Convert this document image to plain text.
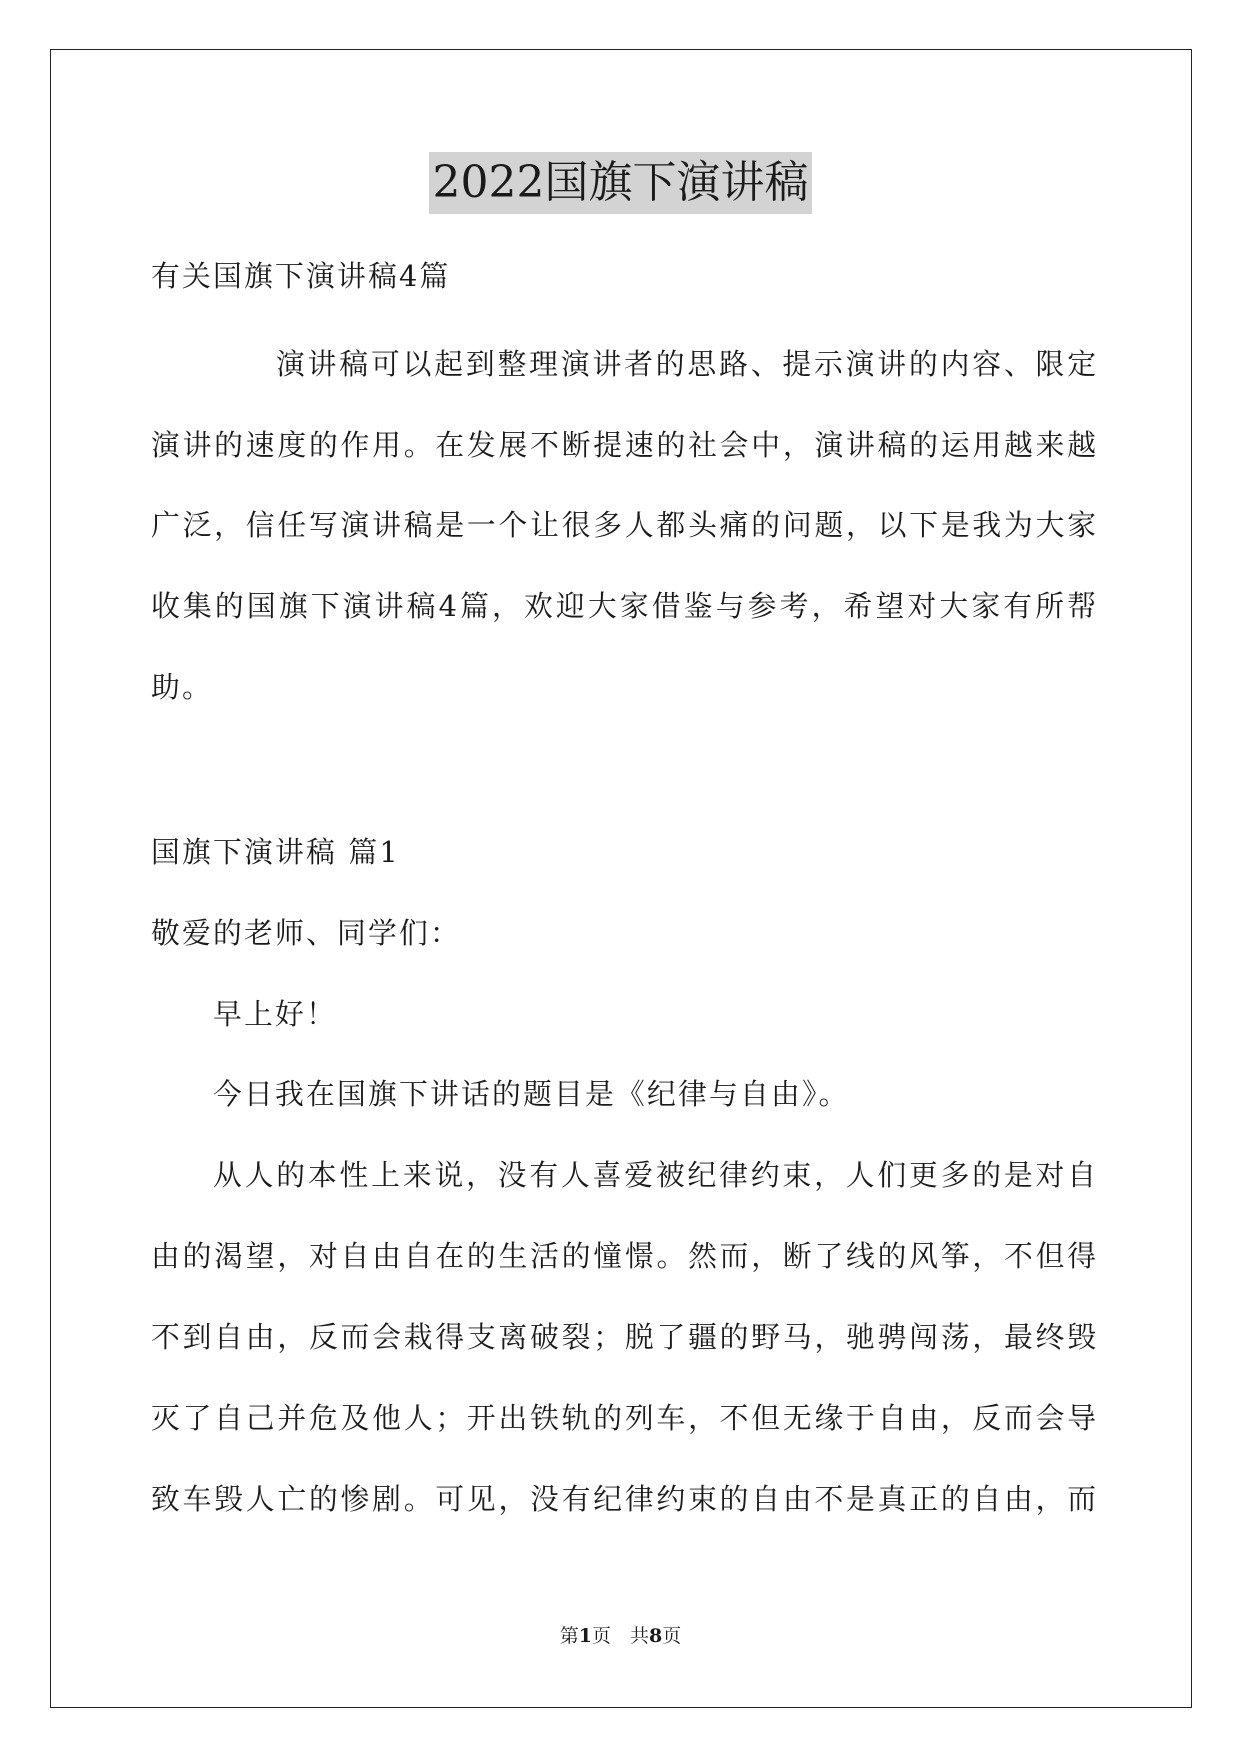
2022国旗下演讲稿
有关国旗下演讲稿4篇
演讲稿可以起到整理演讲者的思路、提示演讲的内容、限定
演讲的速度的作用。在发展不断提速的社会中，演讲稿的运用越来越
广泛，信任写演讲稿是一个让很多人都头痛的问题，以下是我为大家
收集的国旗下演讲稿4篇，欢迎大家借鉴与参考，希望对大家有所帮
助。
国旗下演讲稿 篇1
敬爱的老师、同学们：
早上好！
今日我在国旗下讲话的题目是《纪律与自由》。
从人的本性上来说，没有人喜爱被纪律约束，人们更多的是对自
由的渴望，对自由自在的生活的憧憬。然而，断了线的风筝，不但得
不到自由，反而会栽得支离破裂；脱了疆的野马，驰骋闯荡，最终毁
灭了自己并危及他人；开出铁轨的列车，不但无缘于自由，反而会导
致车毁人亡的惨剧。可见，没有纪律约束的自由不是真正的自由，而
第1页　共8页
